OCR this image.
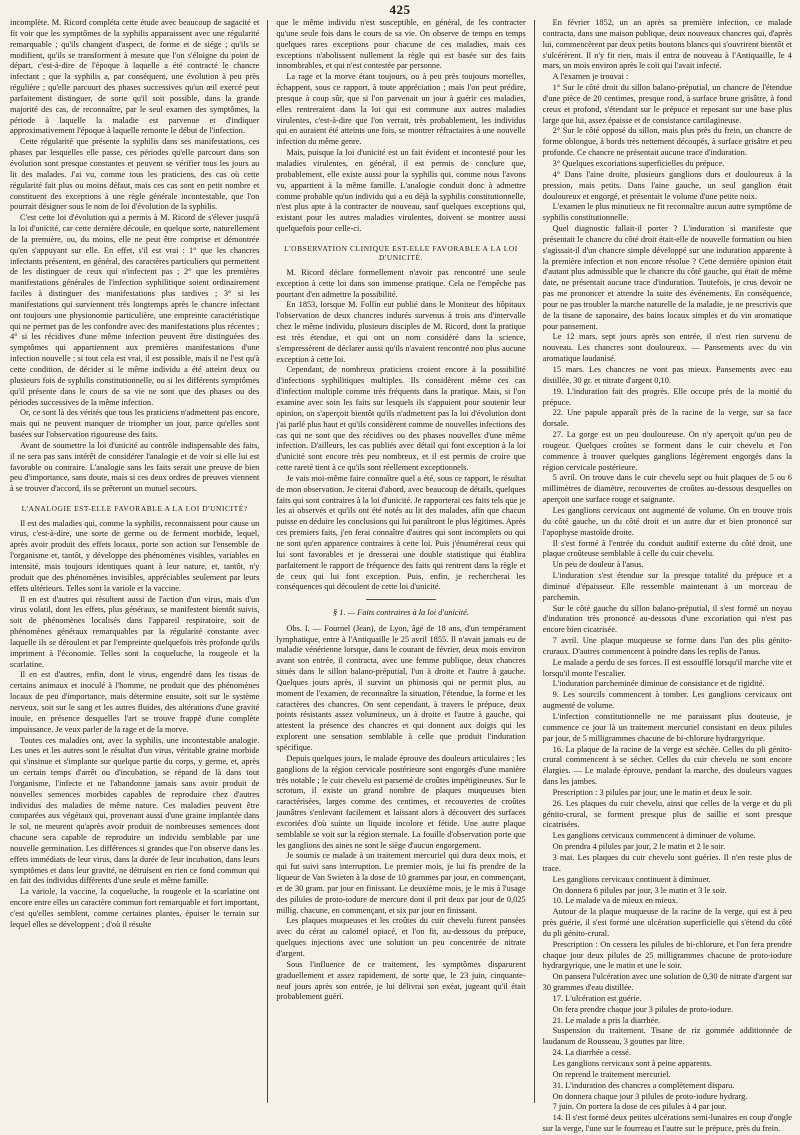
425

incomplète. M. Ricord compléta cette étude avec beaucoup de sagacité et fit voir que les symptômes de la syphilis apparaissent avec une régularité remarquable ; qu'ils changent d'aspect, de forme et de siége ; qu'ils se modifient, qu'ils se transforment à mesure que l'on s'éloigne du point de départ, c'est-à-dire de l'époque à laquelle a été contracté le chancre infectant ; que la syphilis a, par conséquent, une évolution à peu près régulière ; qu'elle parcourt des phases successives qu'un œil exercé peut parfaitement distinguer, de sorte qu'il soit possible, dans la grande majorité des cas, de reconnaître, par le seul examen des symptômes, la période à laquelle la maladie est parvenue et d'indiquer approximativement l'époque à laquelle remonte le début de l'infection.

Cette régularité que présente la syphilis dans ses manifestations, ces phases par lesquelles elle passe, ces périodes qu'elle parcourt dans son évolution sont presque constantes et peuvent se vérifier tous les jours au lit des malades. J'ai vu, comme tous les praticiens, des cas où cette régularité fait plus ou moins défaut, mais ces cas sont en petit nombre et constituent des exceptions à une règle générale incontestable, que l'on pourrait désigner sous le nom de loi d'évolution de la syphilis.

C'est cette loi d'évolution qui a permis à M. Ricord de s'élever jusqu'à la loi d'unicité, car cette dernière découle, en quelque sorte, naturellement de la première, ou, du moins, elle ne peut être comprise et démontrée qu'en s'appuyant sur elle. En effet, s'il est vrai : 1° que les chancres infectants présentent, en général, des caractères particuliers qui permettent de les distinguer de ceux qui n'infectent pas ; 2° que les premières manifestations générales de l'infection syphilitique soient ordinairement faciles à distinguer des manifestations plus tardives ; 3° si les manifestations qui surviennent très longtemps après le chancre infectant ont toujours une physionomie particulière, une empreinte caractéristique qui ne permet pas de les confondre avec des manifestations plus récentes ; 4° si les récidives d'une même infection peuvent être distinguées des symptômes qui appartiennent aux premières manifestations d'une infection nouvelle ; si tout cela est vrai, il est possible, mais il ne l'est qu'à cette condition, de décider si le même individu a été atteint deux ou plusieurs fois de syphilis constitutionnelle, ou si les différents symptômes qu'il présente dans le cours de sa vie ne sont que des phases ou des périodes successives de la même infection.

Or, ce sont là des vérités que tous les praticiens n'admettent pas encore, mais qui ne peuvent manquer de triompher un jour, parce qu'elles sont basées sur l'observation rigoureuse des faits.

Avant de soumettre la loi d'unicité au contrôle indispensable des faits, il ne sera pas sans intérêt de considérer l'analogie et de voir si elle lui est favorable ou contraire. L'analogie sans les faits serait une preuve de bien peu d'importance, sans doute, mais si ces deux ordres de preuves viennent à se trouver d'accord, ils se prêteront un mutuel secours.

L'ANALOGIE EST-ELLE FAVORABLE A LA LOI D'UNICITÉ?

Il est des maladies qui, comme la syphilis, reconnaissent pour cause un virus, c'est-à-dire, une sorte de germe ou de ferment morbide, lequel, après avoir produit des effets locaux, porte son action sur l'ensemble de l'organisme et, tantôt, y développe des phénomènes visibles, variables en intensité, mais toujours identiques quant à leur nature, et, tantôt, n'y produit que des phénomènes invisibles, appréciables seulement par leurs effets ultérieurs. Telles sont la variole et la vaccine.

Il en est d'autres qui résultent aussi de l'action d'un virus, mais d'un virus volatil, dont les effets, plus généraux, se manifestent bientôt suivis, soit de phénomènes localisés dans l'appareil respiratoire, soit de phénomènes généraux remarquables par la régularité constante avec laquelle ils se déroulent et par l'empreinte quelquefois très profonde qu'ils impriment à l'économie. Telles sont la coqueluche, la rougeole et la scarlatine.

Il en est d'autres, enfin, dont le virus, engendré dans les tissus de certains animaux et inoculé à l'homme, ne produit que des phénomènes locaux de peu d'importance, mais détermine ensuite, soit sur le système nerveux, soit sur le sang et les autres fluides, des altérations d'une gravité inouïe, en présence desquelles l'art se trouve frappé d'une complète impuissance. Je veux parler de la rage et de la morve.

Toutes ces maladies ont, avec la syphilis, une incontestable analogie. Les unes et les autres sont le résultat d'un virus, véritable graine morbide qui s'insinue et s'implante sur quelque partie du corps, y germe, et, après un certain temps d'arrêt ou d'incubation, se répand de là dans tout l'organisme, l'infecte et ne l'abandonne jamais sans avoir produit de nouvelles semences morbides capables de reproduire chez d'autres individus des maladies de même nature. Ces maladies peuvent être comparées aux végétaux qui, provenant aussi d'une graine implantée dans le sol, ne meurent qu'après avoir produit de nombreuses semences dont chacune sera capable de reproduire un individu semblable par une nouvelle germination. Les différences si grandes que l'on observe dans les effets immédiats de leur virus, dans la durée de leur incubation, dans leurs symptômes et dans leur gravité, ne détruisent en rien ce fond commun qui en fait des individus différents d'une seule et même famille.

La variole, la vaccine, la coqueluche, la rougeole et la scarlatine ont encore entre elles un caractère commun fort remarquable et fort important, c'est qu'elles semblent, comme certaines plantes, épuiser le terrain sur lequel elles se développent ; d'où il résulte

que le même individu n'est susceptible, en général, de les contracter qu'une seule fois dans le cours de sa vie. On observe de temps en temps quelques rares exceptions pour chacune de ces maladies, mais ces exceptions n'abolissent nullement la règle qui est basée sur des faits innombrables, et qui n'est contestée par personne.

La rage et la morve étant toujours, ou à peu près toujours mortelles, échappent, sous ce rapport, à toute appréciation ; mais l'on peut prédire, presque à coup sûr, que si l'on parvenait un jour à guérir ces maladies, elles rentreraient dans la loi qui est commune aux autres maladies virulentes, c'est-à-dire que l'on verrait, très probablement, les individus qui en auraient été atteints une fois, se montrer réfractaires à une nouvelle infection du même genre.

Mais, puisque la loi d'unicité est un fait évident et incontesté pour les maladies virulentes, en général, il est permis de conclure que, probablement, elle existe aussi pour la syphilis qui, comme nous l'avons vu, appartient à la même famille. L'analogie conduit donc à admettre comme probable qu'un individu qui a eu déjà la syphilis constitutionnelle, n'est plus apte à la contracter de nouveau, sauf quelques exceptions qui, existant pour les autres maladies virulentes, doivent se montrer aussi quelquefois pour celle-ci.

L'OBSERVATION CLINIQUE EST-ELLE FAVORABLE A LA LOI D'UNICITÉ.

M. Ricord déclare formellement n'avoir pas rencontré une seule exception à cette loi dans son immense pratique. Cela ne l'empêche pas pourtant d'en admettre la possibilité.

En 1853, lorsque M. Follin eut publié dans le Moniteur des hôpitaux l'observation de deux chancres indurés survenus à trois ans d'intervalle chez le même individu, plusieurs disciples de M. Ricord, dont la pratique est très étendue, et qui ont un nom considéré dans la science, s'empressèrent de déclarer aussi qu'ils n'avaient rencontré non plus aucune exception à cette loi.

Cependant, de nombreux praticiens croient encore à la possibilité d'infections syphilitiques multiples. Ils considèrent même ces cas d'infection multiple comme très fréquents dans la pratique. Mais, si l'on examine avec soin les faits sur lesquels ils s'appuient pour soutenir leur opinion, on s'aperçoit bientôt qu'ils n'admettent pas la loi d'évolution dont j'ai parlé plus haut et qu'ils considèrent comme de nouvelles infections des cas qui ne sont que des récidives ou des phases nouvelles d'une même infection. D'ailleurs, les cas publiés avec détail qui font exception à la loi d'unicité sont encore très peu nombreux, et il est permis de croire que cette rareté tient à ce qu'ils sont réellement exceptionnels.

Je vais moi-même faire connaître quel a été, sous ce rapport, le résultat de mon observation. Je citerai d'abord, avec beaucoup de détails, quelques faits qui sont contraires à la loi d'unicité. Je rapporterai ces faits tels que je les ai observés et qu'ils ont été notés au lit des malades, afin que chacun puisse en déduire les conclusions qui lui paraîtront le plus légitimes. Après ces premiers faits, j'en ferai connaître d'autres qui sont incomplets ou qui ne sont qu'en apparence contraires à cette loi. Puis j'énumérerai ceux qui lui sont favorables et je dresserai une double statistique qui établira parfaitement le rapport de fréquence des faits qui rentrent dans la règle et de ceux qui lui font exception. Puis, enfin, je rechercherai les conséquences qui découlent de cette loi d'unicité.

§ 1. — Faits contraires à la loi d'unicité.

Obs. I. — Fournel (Jean), de Lyon, âgé de 18 ans, d'un tempérament lymphatique, entre à l'Antiquaille le 25 avril 1855. Il n'avait jamais eu de maladie vénérienne lorsque, dans le courant de février, deux mois environ avant son entrée, il contracta, avec une femme publique, deux chancres situés dans le sillon balano-préputial, l'un à droite et l'autre à gauche. Quelques jours après, il survint un phimosis qui ne permit plus, au moment de l'examen, de reconnaître la situation, l'étendue, la forme et les caractères des chancres. On sent cependant, à travers le prépuce, deux points résistants assez volumineux, un à droite et l'autre à gauche, qui attestent la présence des chancres et qui donnent aux doigts qui les explorent une sensation semblable à celle que produit l'induration spécifique.

Depuis quelques jours, le malade éprouve des douleurs articulaires ; les ganglions de la région cervicale postérieure sont engorgés d'une manière très notable ; le cuir chevelu est parsemé de croûtes impétigineuses. Sur le scrotum, il existe un grand nombre de plaques muqueuses bien caractérisées, larges comme des centimes, et recouvertes de croûtes jaunâtres s'enlevant facilement et laissant alors à découvert des surfaces excoriées d'où suinte un liquide incolore et fétide. Une autre plaque semblable se voit sur la région sternale. La fouille d'observation porte que les ganglions des aines ne sont le siège d'aucun engorgement.

Je soumis ce malade à un traitement mercuriel qui dura deux mois, et qui fut suivi sans interruption. Le premier mois, je lui fis prendre de la liqueur de Van Swieten à la dose de 10 grammes par jour, en commençant, et de 30 gram. par jour en finissant. Le deuxième mois, je le mis à l'usage des pilules de proto-iodure de mercure dont il prit deux par jour de 0,025 millig. chacune, en commençant, et six par jour en finissant.

Les plaques muqueuses et les croûtes du cuir chevelu furent pansées avec du cérat au calomel opiacé, et l'on fit, au-dessous du prépuce, quelques injections avec une solution un peu concentrée de nitrate d'argent.

Sous l'influence de ce traitement, les symptômes disparurent graduellement et assez rapidement, de sorte que, le 23 juin, cinquante-neuf jours après son entrée, je lui délivrai son exéat, jugeant qu'il était probablement guéri.

En février 1852, un an après sa première infection, ce malade contracta, dans une maison publique, deux nouveaux chancres qui, d'après lui, commencèrent par deux petits boutons blancs qui s'ouvrirent bientôt et s'ulcérèrent. Il n'y fit rien, mais il entra de nouveau à l'Antiquaille, le 4 mars, un mois environ après le coït qui l'avait infecté.

A l'examen je trouvai :

1° Sur le côté droit du sillon balano-préputial, un chancre de l'étendue d'une pièce de 20 centimes, presque rond, à surface brune grisâtre, à fond creux et profond, s'étendant sur le prépuce et reposant sur une base plus large que lui, assez épaisse et de consistance cartilagineuse.

2° Sur le côté opposé du sillon, mais plus près du frein, un chancre de forme oblongue, à bords très nettement découpés, à surface grisâtre et peu profonde. Ce chancre ne présentait aucune trace d'induration.

3° Quelques excoriations superficielles du prépuce.

4° Dans l'aine droite, plusieurs ganglions durs et douloureux à la pression, mais petits. Dans l'aine gauche, un seul ganglion était douloureux et engorgé, et présentait le volume d'une petite noix.

L'examen le plus minutieux ne fit reconnaître aucun autre symptôme de syphilis constitutionnelle.

Quel diagnostic fallait-il porter ? L'induration si manifeste que présentait le chancre du côté droit était-elle de nouvelle formation ou bien s'agissait-il d'un chancre simple développé sur une induration apparente à la première infection et non encore résolue ? Cette dernière opinion était d'autant plus admissible que le chancre du côté gauche, qui était de même date, ne présentait aucune trace d'induration. Toutefois, je crus devoir ne pas me prononcer et attendre la suite des événements. En conséquence, pour ne pas troubler la marche naturelle de la maladie, je ne prescrivis que de la tisane de saponaire, des bains locaux simples et du vin aromatique pour pansement.

Le 12 mars, sept jours après son entrée, il n'est rien survenu de nouveau. Les chancres sont douloureux. — Pansements avec du vin aromatique laudanisé.

15 mars. Les chancres ne vont pas mieux. Pansements avec eau distillée, 30 gr. et nitrate d'argent 0,10.

19. L'induration fait des progrès. Elle occupe près de la moitié du prépuce.

22. Une papule apparaît près de la racine de la verge, sur sa face dorsale.

27. La gorge est un peu douloureuse. On n'y aperçoit qu'un peu de rougeur. Quelques croûtes se forment dans le cuir chevelu et l'on commence à trouver quelques ganglions légèrement engorgés dans la région cervicale postérieure.

5 avril. On trouve dans le cuir chevelu sept ou huit plaques de 5 ou 6 millimètres de diamètre, recouvertes de croûtes au-dessous desquelles on aperçoit une surface rouge et saignante.

Les ganglions cervicaux ont augmenté de volume. On en trouve trois du côté gauche, un du côté droit et un autre dur et bien prononcé sur l'apophyse mastoïde droite.

Il s'est formé à l'entrée du conduit auditif externe du côté droit, une plaque croûteuse semblable à celle du cuir chevelu.

Un peu de douleur à l'anus.

L'induration s'est étendue sur la presque totalité du prépuce et a diminué d'épaisseur. Elle ressemble maintenant à un morceau de parchemin.

Sur le côté gauche du sillon balano-préputial, il s'est formé un noyau d'induration très prononcé au-dessous d'une excoriation qui n'est pas encore bien cicatrisée.

7 avril. Une plaque muqueuse se forme dans l'un des plis génito-cruraux. D'autres commencent à poindre dans les replis de l'anus.

Le malade a perdu de ses forces. Il est essoufflé lorsqu'il marche vite et lorsqu'il monte l'escalier.

L'induration parcheminée diminue de consistance et de rigidité.

9. Les sourcils commencent à tomber. Les ganglions cervicaux ont augmenté de volume.

L'infection constitutionnelle ne me paraissant plus douteuse, je commence ce jour là un traitement mercuriel consistant en deux pilules par jour, de 5 milligrammes chacune de bi-chlorure hydrargyrique.

16. La plaque de la racine de la verge est séchée. Celles du pli génito-crural commencent à se sécher. Celles du cuir chevelu ne sont encore élargies. — Le malade éprouve, pendant la marche, des douleurs vagues dans les jambes.

Prescription : 3 pilules par jour, une le matin et deux le soir.

26. Les plaques du cuir chevelu, ainsi que celles de la verge et du pli génito-crural, se forment presque plus de saillie et sont presque cicatrisées.

Les ganglions cervicaux commencent à diminuer de volume.

On prendra 4 pilules par jour, 2 le matin et 2 le soir.

3 mai. Les plaques du cuir chevelu sont guéries. Il n'en reste plus de trace.

Les ganglions cervicaux continuent à diminuer.

On donnera 6 pilules par jour, 3 le matin et 3 le soir.

10. Le malade va de mieux en mieux.

Autour de la plaque muqueuse de la racine de la verge, qui est à peu près guérie, il s'est formé une ulcération superficielle qui s'étend du côté du pli génito-crural.

Prescription : On cessera les pilules de bi-chlorure, et l'on fera prendre chaque jour deux pilules de 25 milligrammes chacune de proto-iodure hydrargyrique, une le matin et une le soir.

On pansera l'ulcération avec une solution de 0,30 de nitrate d'argent sur 30 grammes d'eau distillée.

17. L'ulcération est guérie.

On fera prendre chaque jour 3 pilules de proto-iodure.

21. Le malade a pris la diarrhée.

Suspension du traitement. Tisane de riz gommée additionnée de laudanum de Rousseau, 3 gouttes par litre.

24. La diarrhée a cessé.

Les ganglions cervicaux sont à peine apparents.

On reprend le traitement mercuriel.

31. L'induration des chancres a complètement disparu.

On donnera chaque jour 3 pilules de proto-iodure hydrarg.

7 juin. On portera la dose de ces pilules à 4 par jour.

14. Il s'est formé deux petites ulcérations semi-lunaires en coup d'ongle sur la verge, l'une sur le fourreau et l'autre sur le prépuce, près du frein.
